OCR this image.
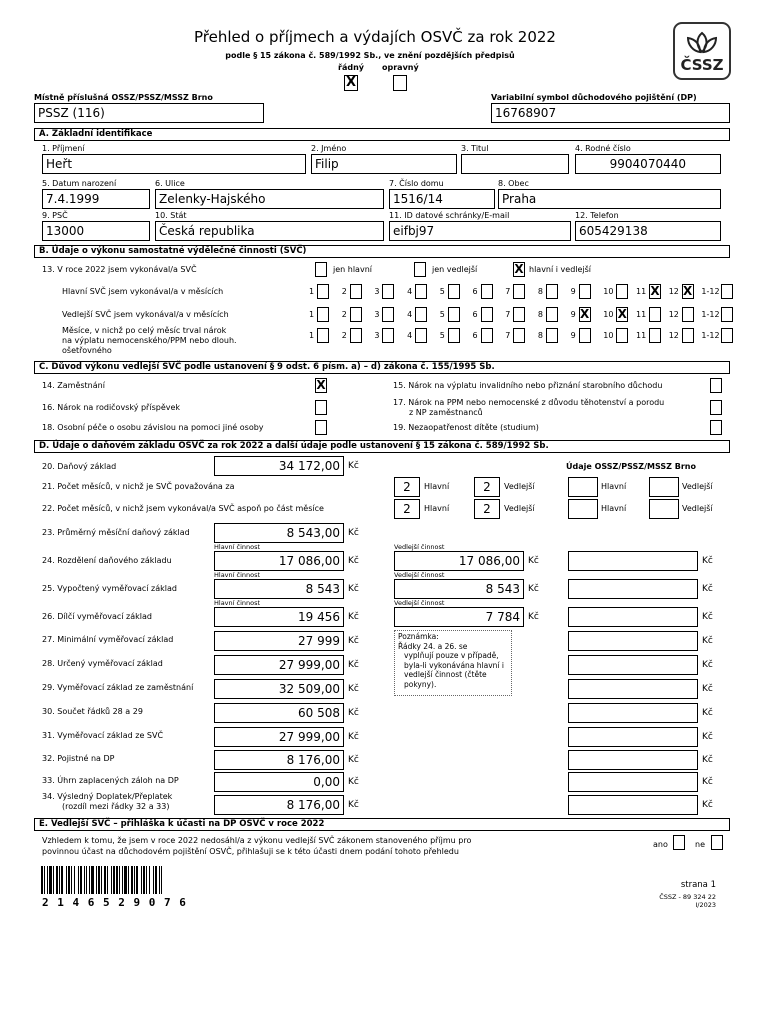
Přehled o příjmech a výdajích OSVČ za rok 2022
podle § 15 zákona č. 589/1992 Sb., ve znění pozdějších předpisů
řádný opravný
X
ČSSZ
Místně příslušná OSSZ/PSSZ/MSSZ Brno
PSSZ (116)
Variabilní symbol důchodového pojištění (DP)
16768907
A. Základní identifikace
1. Příjmení
Heřt
2. Jméno
Filip
3. Titul	4. Rodné číslo
9904070440
5. Datum narození
7.4.1999
6. Ulice
Zelenky-Hajského
7. Číslo domu
1516/14
8. Obec
Praha
9. PSČ
13000
10. Stát
Česká republika
11. ID datové schránky/E-mail
eifbj97
12. Telefon
605429138
B. Údaje o výkonu samostatné výdělečné činnosti (SVČ)
13. V roce 2022 jsem vykonával/a SVČ	jen hlavní	jen vedlejší	X hlavní i vedlejší
Hlavní SVČ jsem vykonával/a v měsících
Vedlejší SVČ jsem vykonával/a v měsících
Měsíce, v nichž po celý měsíc trval nárok
na výplatu nemocenského/PPM nebo dlouh.
ošetřovného
1	2	3	4	5	6	7	8	9	10	11 X 12 X 1-12
1	2	3	4	5	6	7	8	9 X 10 X 11	12	1-12
1	2	3	4	5	6	7	8	9	10	11	12	1-12
C. Důvod výkonu vedlejší SVČ podle ustanovení § 9 odst. 6 písm. a) – d) zákona č. 155/1995 Sb.
14. Zaměstnání	X	15. Nárok na výplatu invalidního nebo přiznání starobního důchodu
16. Nárok na rodičovský příspěvek
17. Nárok na PPM nebo nemocenské z důvodu těhotenství a porodu
z NP zaměstnanců
18. Osobní péče o osobu závislou na pomoci jiné osoby	19. Nezaopatřenost dítěte (studium)
D. Údaje o daňovém základu OSVČ za rok 2022 a další údaje podle ustanovení § 15 zákona č. 589/1992 Sb.
Údaje OSSZ/PSSZ/MSSZ Brno
20. Daňový základ	34 172,00 Kč
21. Počet měsíců, v nichž je SVČ považována za	2	Hlavní	2	Vedlejší	Hlavní	Vedlejší
22. Počet měsíců, v nichž jsem vykonával/a SVČ aspoň po část měsíce	2	Hlavní	2	Vedlejší	Hlavní	Vedlejší
23. Průměrný měsíční daňový základ	8 543,00 Kč
Hlavní činnost	Vedlejší činnost
24. Rozdělení daňového základu	17 086,00 Kč	17 086,00 Kč	Kč
Hlavní činnost	Vedlejší činnost
25. Vypočtený vyměřovací základ	8 543 Kč	8 543 Kč	Kč
Hlavní činnost	Vedlejší činnost
26. Dílčí vyměřovací základ	19 456 Kč	7 784 Kč	Kč
Poznámka:
Řádky 24. a 26. se
vyplňují pouze v případě,
byla-li vykonávána hlavní i
vedlejší činnost (čtěte
pokyny).
27. Minimální vyměřovací základ	27 999 Kč	Kč
28. Určený vyměřovací základ	27 999,00 Kč	Kč
29. Vyměřovací základ ze zaměstnání	32 509,00 Kč	Kč
30. Součet řádků 28 a 29	60 508 Kč	Kč
31. Vyměřovací základ ze SVČ	27 999,00 Kč	Kč
32. Pojistné na DP	8 176,00 Kč	Kč
33. Úhrn zaplacených záloh na DP	0,00 Kč	Kč
34. Výsledný Doplatek/Přeplatek
(rozdíl mezi řádky 32 a 33)	8 176,00 Kč	Kč
E. Vedlejší SVČ – přihláška k účasti na DP OSVČ v roce 2022
Vzhledem k tomu, že jsem v roce 2022 nedosáhl/a z výkonu vedlejší SVČ zákonem stanoveného příjmu pro
povinnou účast na důchodovém pojištění OSVČ, přihlašuji se k této účasti dnem podání tohoto přehledu
ano	ne
2 1 4 6 5 2 9 0 7 6
strana 1
ČSSZ - 89 324 22
I/2023
